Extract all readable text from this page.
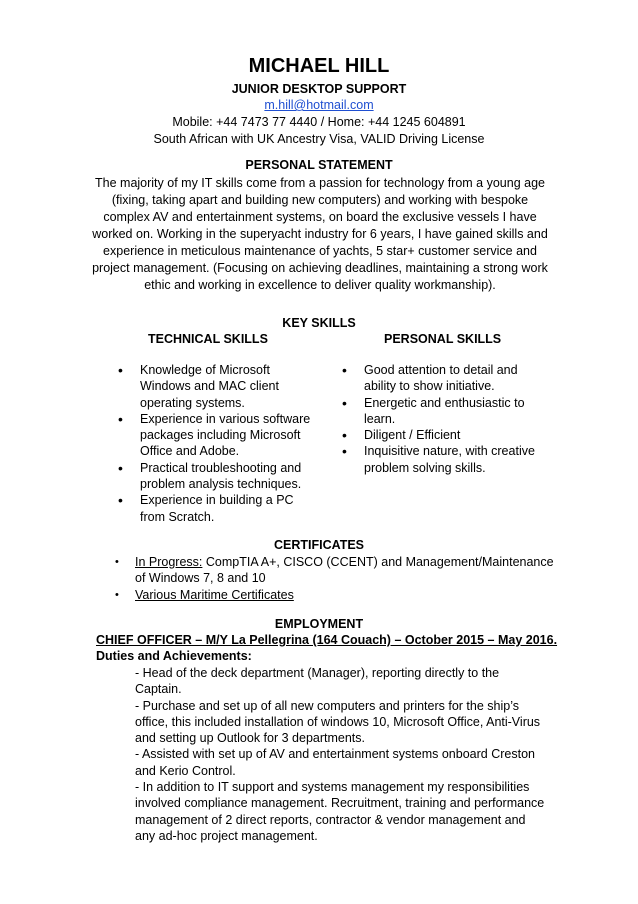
MICHAEL HILL
JUNIOR DESKTOP SUPPORT
m.hill@hotmail.com
Mobile: +44 7473 77 4440 / Home: +44 1245 604891
South African with UK Ancestry Visa, VALID Driving License
PERSONAL STATEMENT
The majority of my IT skills come from a passion for technology from a young age (fixing, taking apart and building new computers) and working with bespoke complex AV and entertainment systems, on board the exclusive vessels I have worked on. Working in the superyacht industry for 6 years, I have gained skills and experience in meticulous maintenance of yachts, 5 star+ customer service and project management. (Focusing on achieving deadlines, maintaining a strong work ethic and working in excellence to deliver quality workmanship).
KEY SKILLS
TECHNICAL SKILLS	PERSONAL SKILLS
• Knowledge of Microsoft Windows and MAC client operating systems.
• Experience in various software packages including Microsoft Office and Adobe.
• Practical troubleshooting and problem analysis techniques.
• Experience in building a PC from Scratch.
• Good attention to detail and ability to show initiative.
• Energetic and enthusiastic to learn.
• Diligent / Efficient
• Inquisitive nature, with creative problem solving skills.
CERTIFICATES
• In Progress: CompTIA A+, CISCO (CCENT) and Management/Maintenance of Windows 7, 8 and 10
• Various Maritime Certificates
EMPLOYMENT
CHIEF OFFICER – M/Y La Pellegrina (164 Couach) – October 2015 – May 2016.
Duties and Achievements:
- Head of the deck department (Manager), reporting directly to the Captain.
- Purchase and set up of all new computers and printers for the ship’s office, this included installation of windows 10, Microsoft Office, Anti-Virus and setting up Outlook for 3 departments.
- Assisted with set up of AV and entertainment systems onboard Creston and Kerio Control.
- In addition to IT support and systems management my responsibilities involved compliance management. Recruitment, training and performance management of 2 direct reports, contractor & vendor management and any ad-hoc project management.
